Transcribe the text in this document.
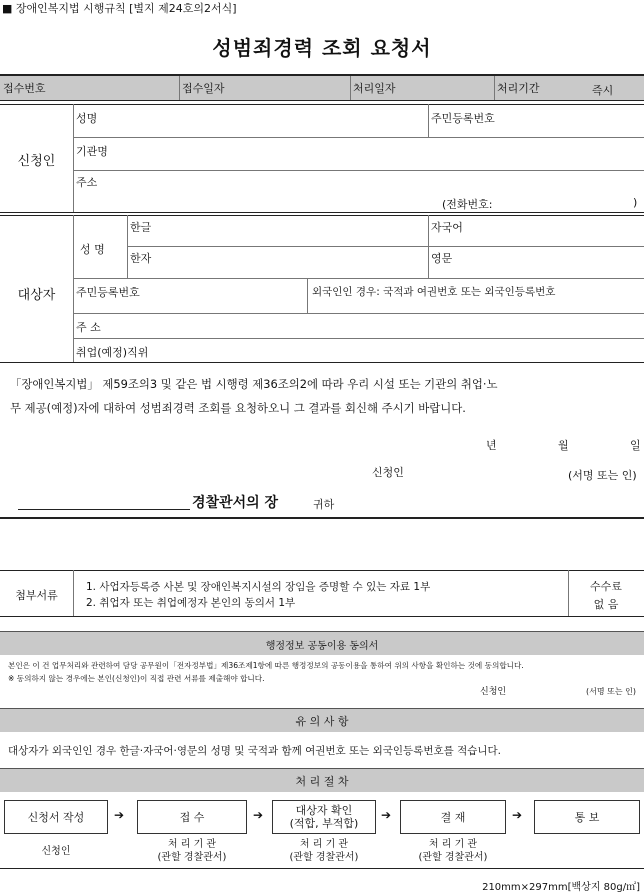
■ 장애인복지법 시행규칙 [별지 제24호의2서식]
성범죄경력 조회 요청서
접수번호	접수일자	처리일자	처리기간	즉시
신청인
성명	주민등록번호
기관명
주소
(전화번호:	)
대상자
성 명
한글	자국어
한자	영문
주민등록번호	외국인인 경우: 국적과 여권번호 또는 외국인등록번호
주 소
취업(예정)직위
「장애인복지법」 제59조의3 및 같은 법 시행령 제36조의2에 따라 우리 시설 또는 기관의 취업·노
무 제공(예정)자에 대하여 성범죄경력 조회를 요청하오니 그 결과를 회신해 주시기 바랍니다.
년	월	일
신청인	(서명 또는 인)
경찰관서의 장	귀하
첨부서류
1. 사업자등록증 사본 및 장애인복지시설의 장임을 증명할 수 있는 자료 1부
2. 취업자 또는 취업예정자 본인의 동의서 1부
수수료
없 음
행정정보 공동이용 동의서
본인은 이 건 업무처리와 관련하여 담당 공무원이「전자정부법」제36조제1항에 따른 행정정보의 공동이용을 통하여 위의 사항을 확인하는 것에 동의합니다.
※ 동의하지 않는 경우에는 본인(신청인)이 직접 관련 서류를 제출해야 합니다.
신청인	(서명 또는 인)
유 의 사 항
대상자가 외국인인 경우 한글·자국어·영문의 성명 및 국적과 함께 여권번호 또는 외국인등록번호를 적습니다.
처 리 절 차
신청서 작성	➔	접 수	➔	대상자 확인
(적합, 부적합)
➔	결 재	➔	통 보
신청인
처 리 기 관
(관할 경찰관서)
처 리 기 관
(관할 경찰관서)
처 리 기 관
(관할 경찰관서)
210mm×297mm[백상지 80g/㎡]
